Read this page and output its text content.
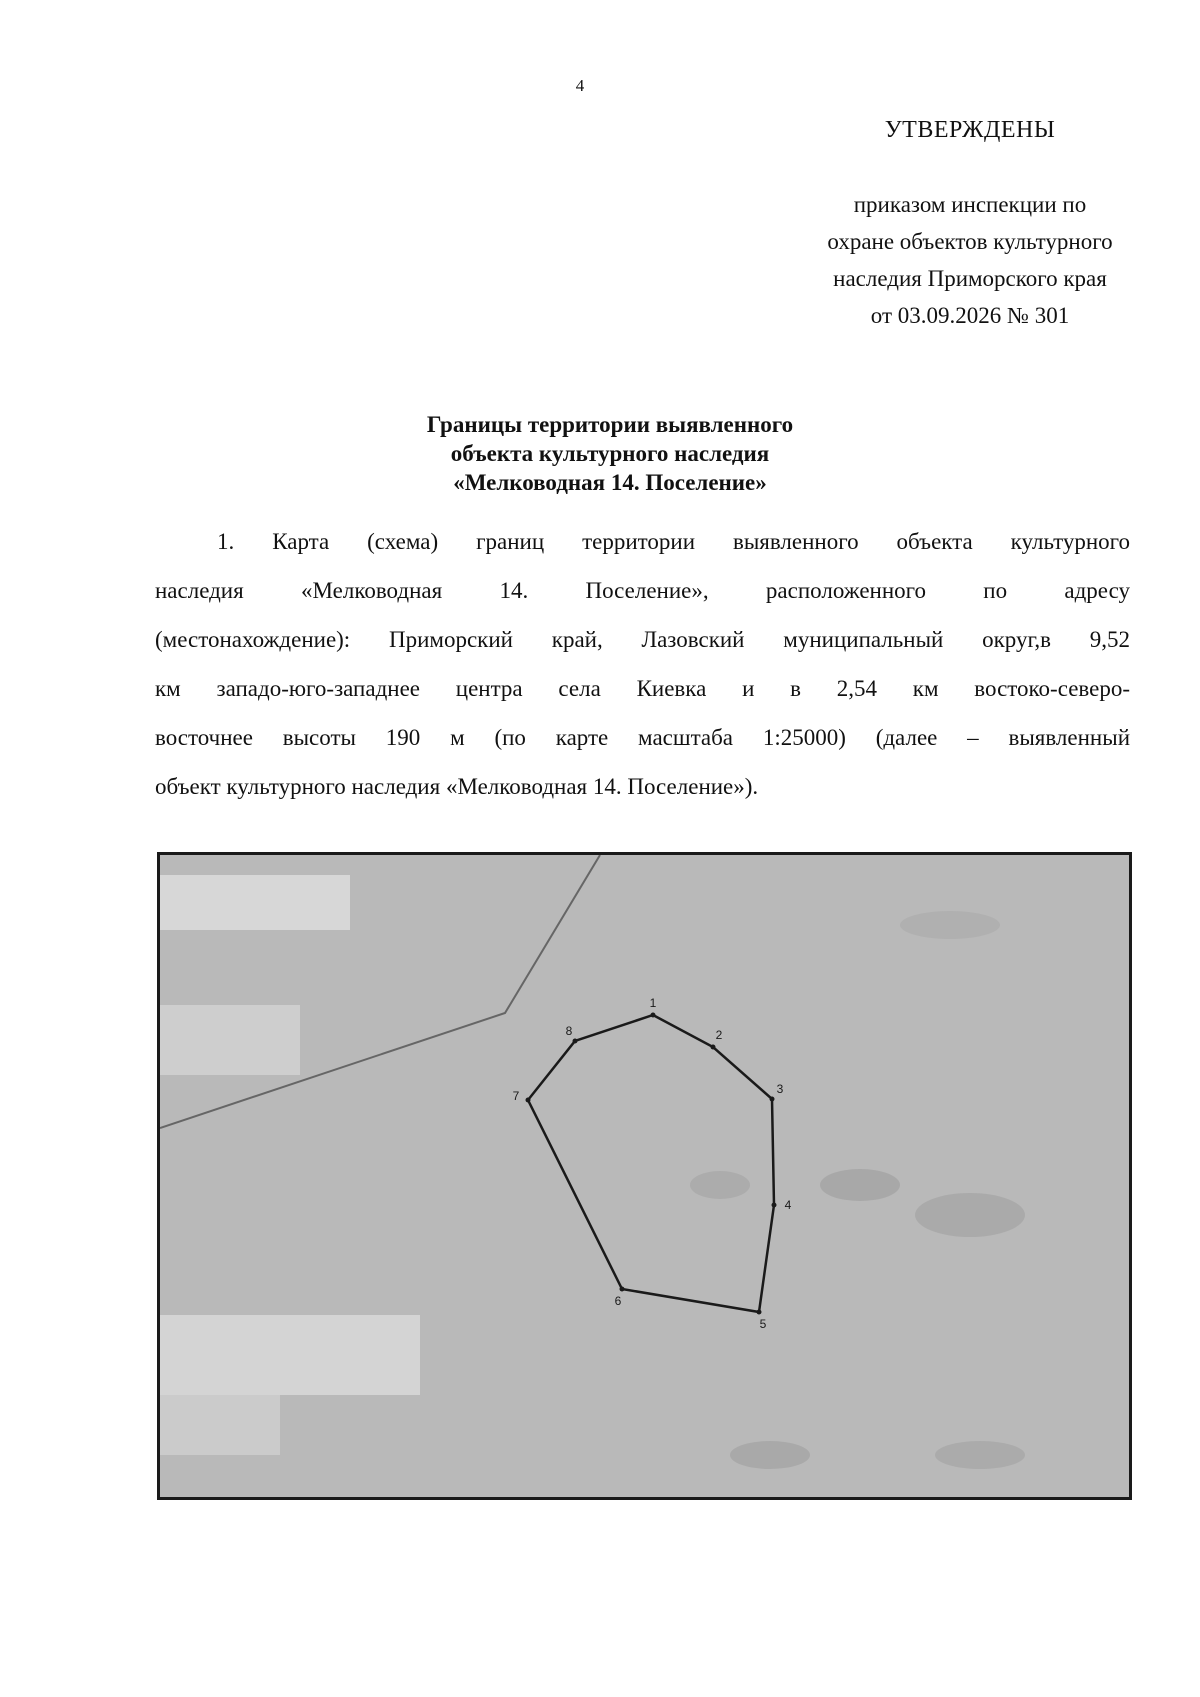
4
УТВЕРЖДЕНЫ
приказом инспекции по
охране объектов культурного
наследия Приморского края
от 03.09.2026 № 301
Границы территории выявленного
объекта культурного наследия
«Мелководная 14. Поселение»
1. Карта (схема) границ территории выявленного объекта культурного
наследия «Мелководная 14. Поселение», расположенного по адресу
(местонахождение): Приморский край, Лазовский муниципальный округ,в 9,52
км западо-юго-западнее центра села Киевка и в 2,54 км востоко-северо-
восточнее высоты 190 м (по карте масштаба 1:25000) (далее – выявленный
объект культурного наследия «Мелководная 14. Поселение»).
1
2
3
4
5
6
7
8
